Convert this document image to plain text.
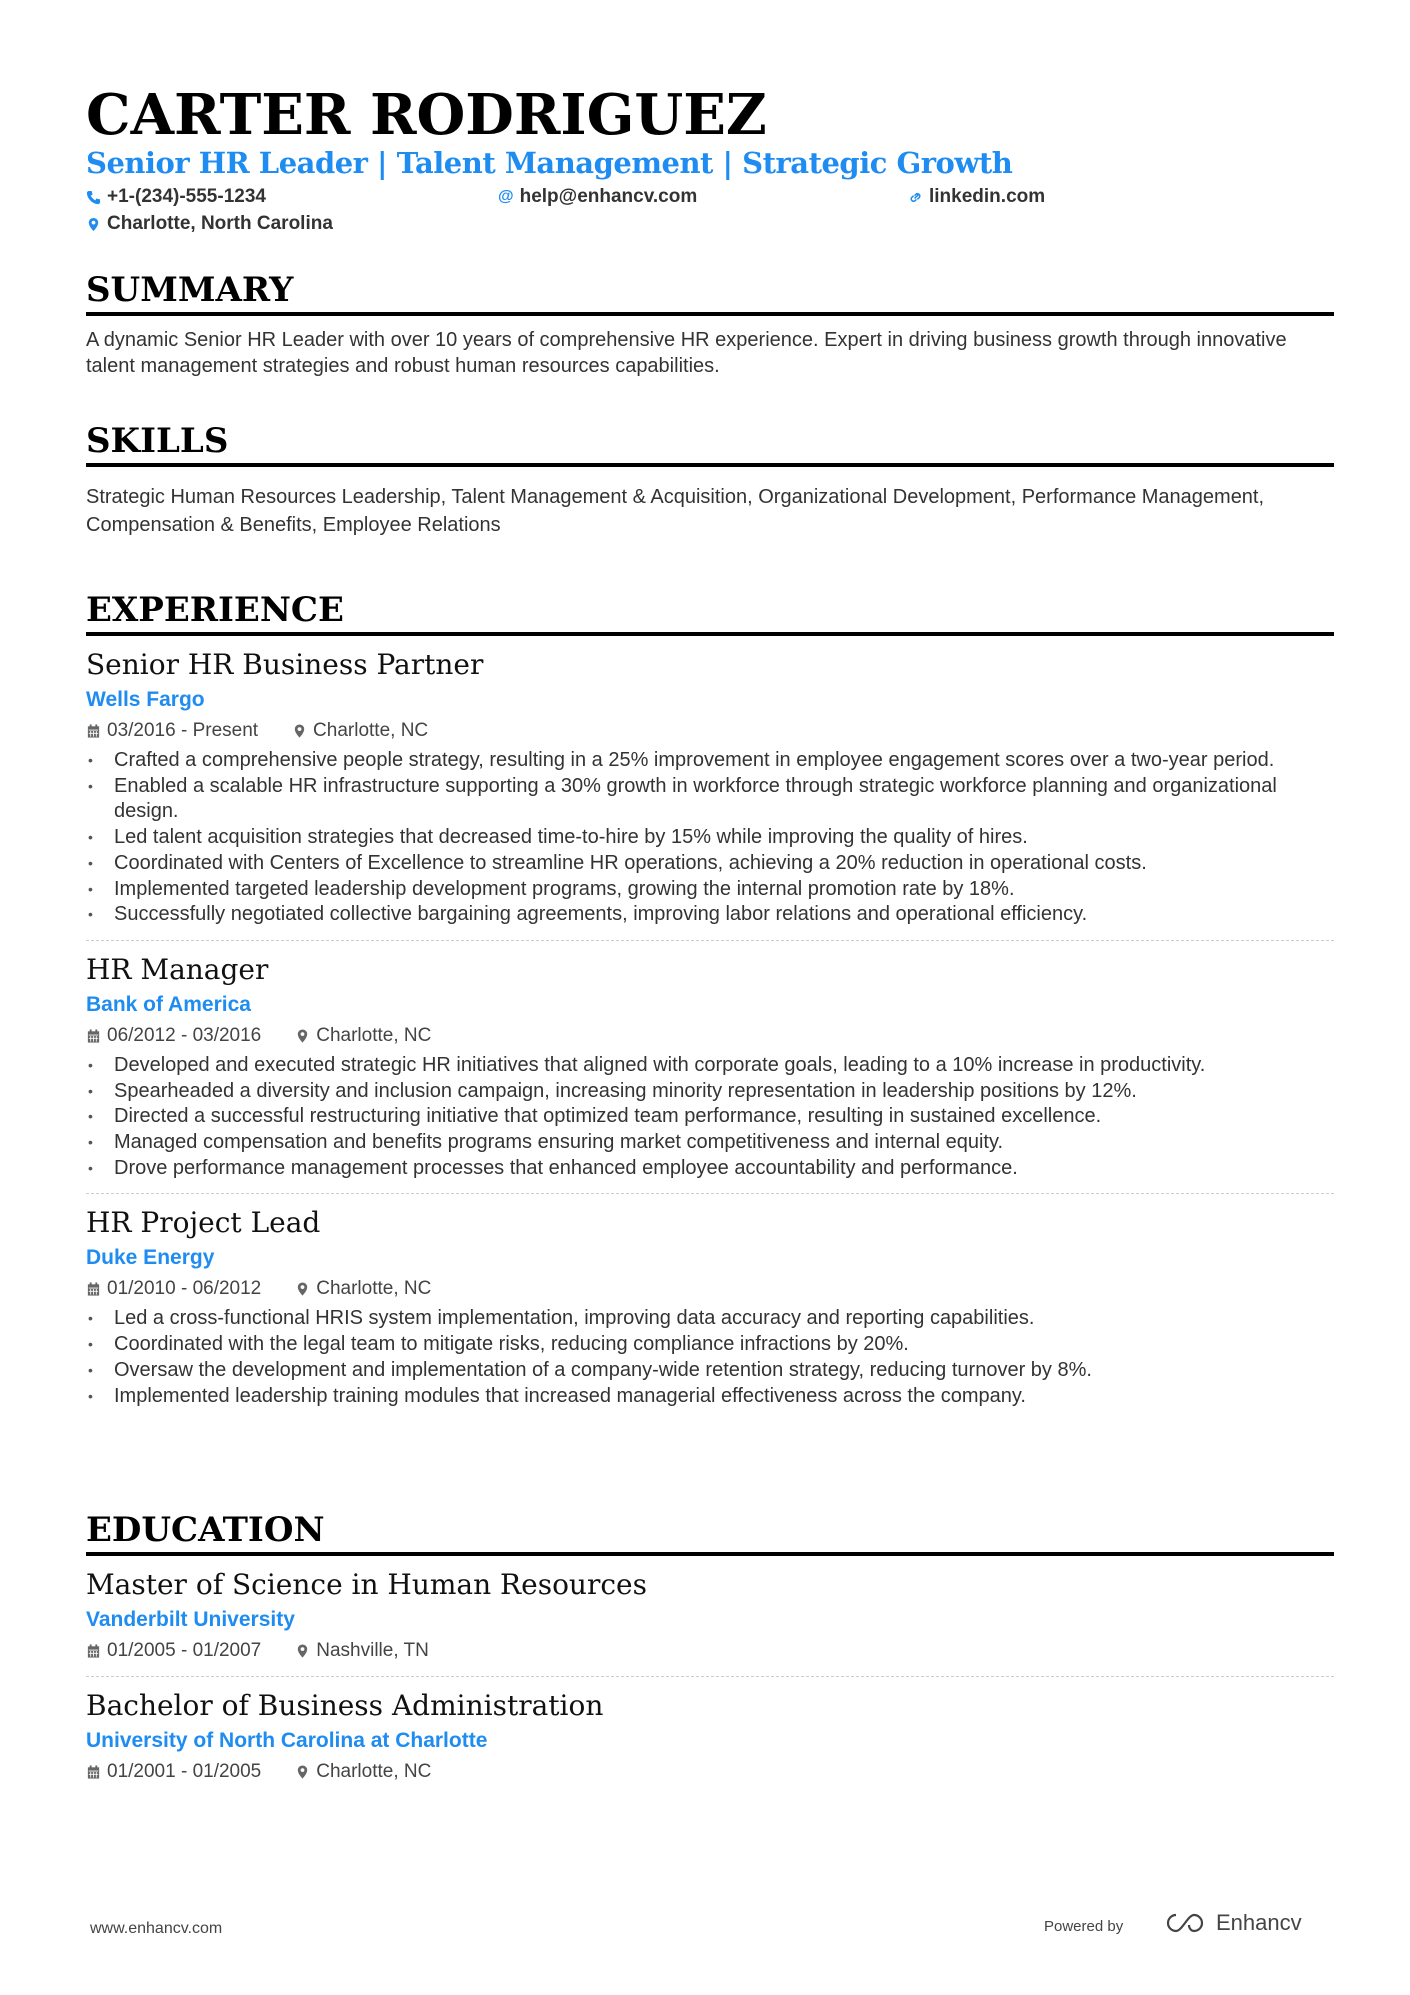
CARTER RODRIGUEZ
Senior HR Leader | Talent Management | Strategic Growth
+1-(234)-555-1234	@ help@enhancv.com	linkedin.com
Charlotte, North Carolina
SUMMARY

A dynamic Senior HR Leader with over 10 years of comprehensive HR experience. Expert in driving business growth through innovative talent management strategies and robust human resources capabilities.

SKILLS

Strategic Human Resources Leadership, Talent Management & Acquisition, Organizational Development, Performance Management, Compensation & Benefits, Employee Relations

EXPERIENCE
Senior HR Business Partner
Wells Fargo
03/2016 - Present	Charlotte, NC
• Crafted a comprehensive people strategy, resulting in a 25% improvement in employee engagement scores over a two-year period.
• Enabled a scalable HR infrastructure supporting a 30% growth in workforce through strategic workforce planning and organizational design.
• Led talent acquisition strategies that decreased time-to-hire by 15% while improving the quality of hires.
• Coordinated with Centers of Excellence to streamline HR operations, achieving a 20% reduction in operational costs.
• Implemented targeted leadership development programs, growing the internal promotion rate by 18%.
• Successfully negotiated collective bargaining agreements, improving labor relations and operational efficiency.
HR Manager
Bank of America
06/2012 - 03/2016	Charlotte, NC
• Developed and executed strategic HR initiatives that aligned with corporate goals, leading to a 10% increase in productivity.
• Spearheaded a diversity and inclusion campaign, increasing minority representation in leadership positions by 12%.
• Directed a successful restructuring initiative that optimized team performance, resulting in sustained excellence.
• Managed compensation and benefits programs ensuring market competitiveness and internal equity.
• Drove performance management processes that enhanced employee accountability and performance.
HR Project Lead
Duke Energy
01/2010 - 06/2012	Charlotte, NC
• Led a cross-functional HRIS system implementation, improving data accuracy and reporting capabilities.
• Coordinated with the legal team to mitigate risks, reducing compliance infractions by 20%.
• Oversaw the development and implementation of a company-wide retention strategy, reducing turnover by 8%.
• Implemented leadership training modules that increased managerial effectiveness across the company.
EDUCATION
Master of Science in Human Resources
Vanderbilt University
01/2005 - 01/2007	Nashville, TN
Bachelor of Business Administration
University of North Carolina at Charlotte
01/2001 - 01/2005	Charlotte, NC
www.enhancv.com	Powered by	Enhancv
